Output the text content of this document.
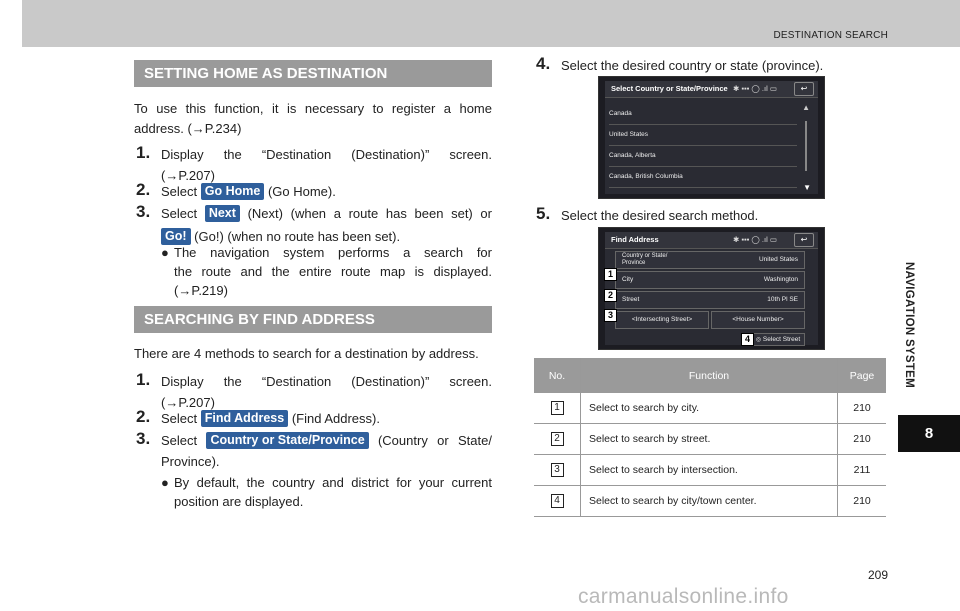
DESTINATION SEARCH
NAVIGATION SYSTEM
8
SETTING HOME AS DESTINATION
To use this function, it is necessary to register a home
address. (→P.234)
1. Display the “Destination (Destination)” screen.
(→P.207)
2. Select Go Home (Go Home).
3. Select Next (Next) (when a route has been set) or
Go! (Go!) (when no route has been set).
● The navigation system performs a search for
the route and the entire route map is displayed.
(→P.219)
SEARCHING BY FIND ADDRESS
There are 4 methods to search for a destination by address.
1. Display the “Destination (Destination)” screen.
(→P.207)
2. Select Find Address (Find Address).
3. Select Country or State/Province (Country or State/
Province).
● By default, the country and district for your current
position are displayed.
4. Select the desired country or state (province).
Select Country or State/Province ✱ ▪▪▪ ◯ .ıl ▭	↩
Canada
United States
Canada, Alberta
Canada, British Columbia
▲
▼
5. Select the desired search method.
Find Address	✱ ▪▪▪ ◯ .ıl ▭	↩
Country or State/
Province	United States
City	Washington
Street	10th Pl SE
<Intersecting Street>	<House Number>
◎ Select Street
1
2
3
4
No.	Function	Page
1	Select to search by city.	210
2	Select to search by street.	210
3	Select to search by intersection.	211
4	Select to search by city/town center.	210
209
carmanualsonline.info
